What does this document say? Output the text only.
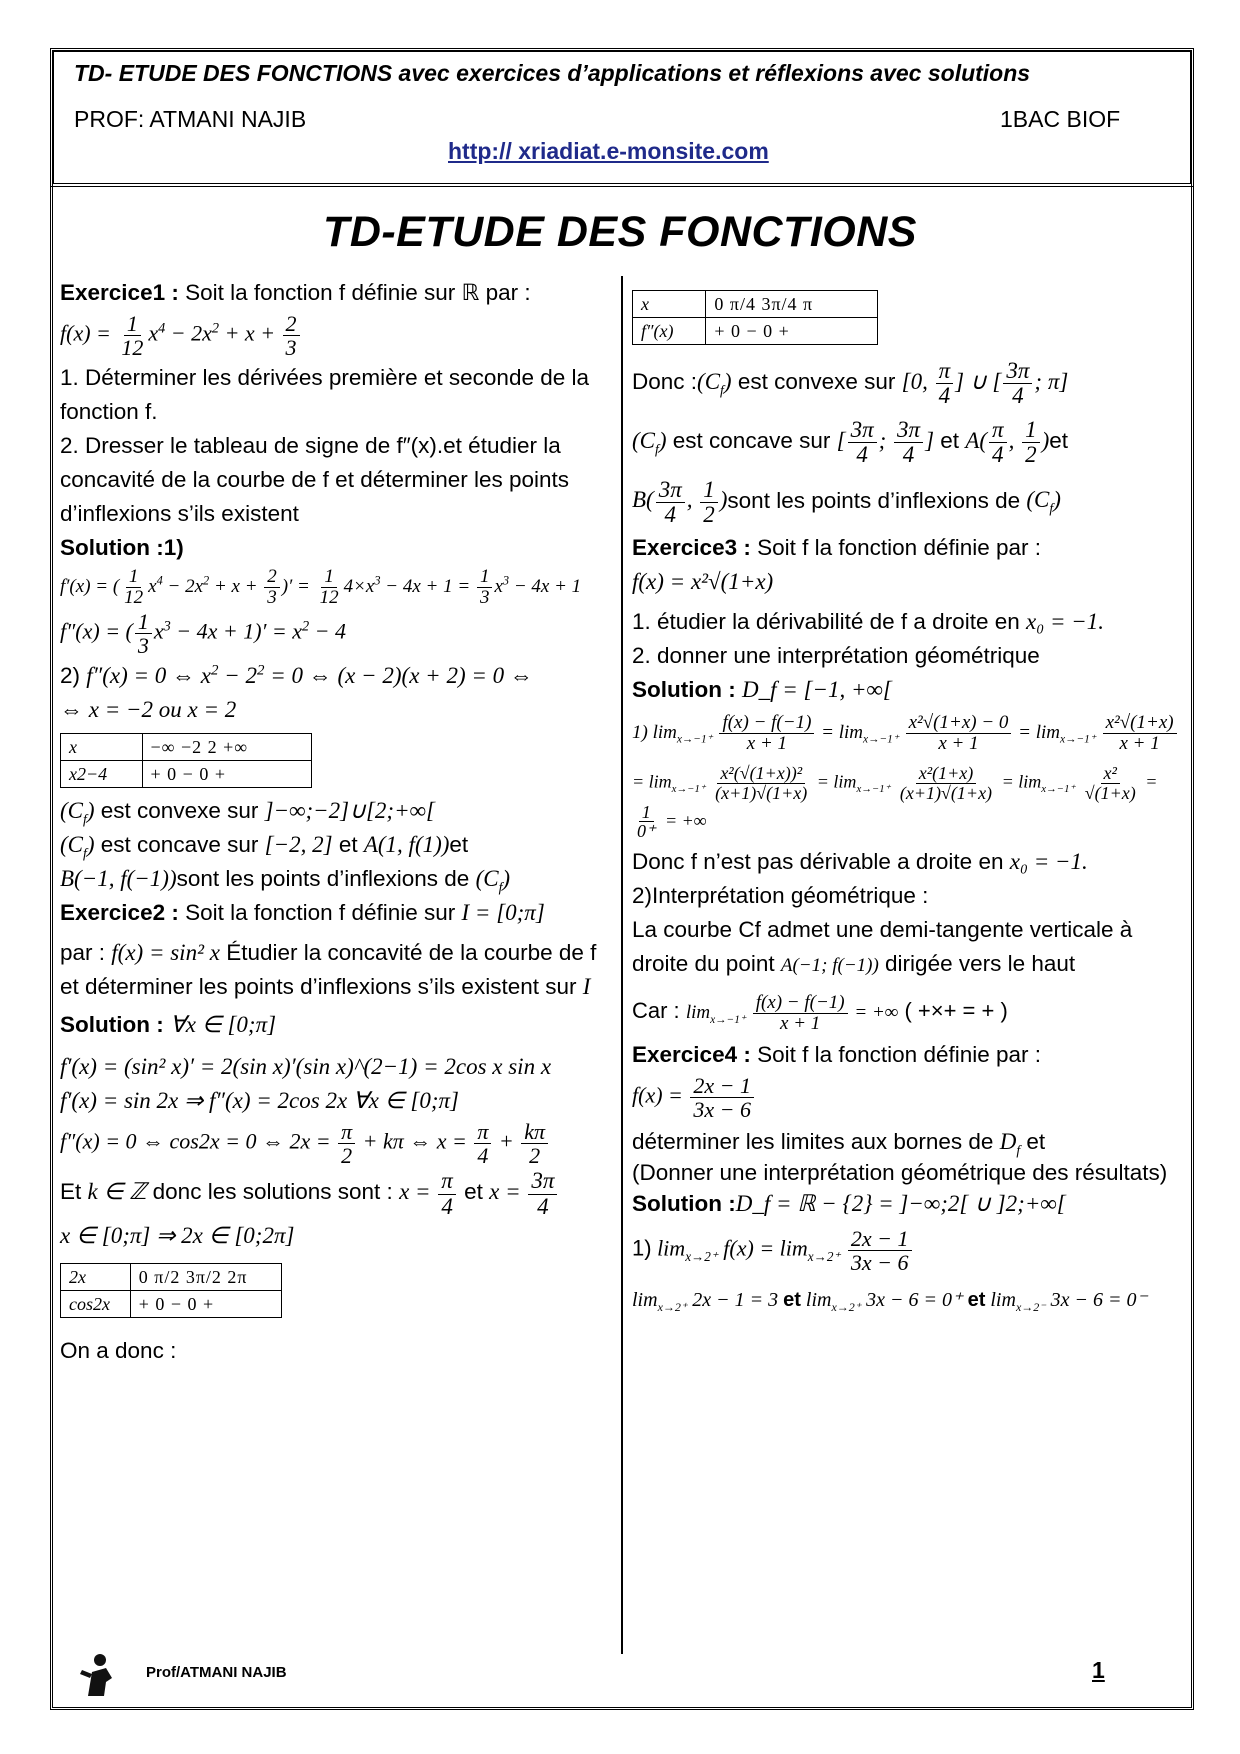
TD- ETUDE DES FONCTIONS avec exercices d’applications et réflexions avec solutions
PROF: ATMANI NAJIB	1BAC BIOF
http:// xriadiat.e-monsite.com
TD-ETUDE DES FONCTIONS

Exercice1 : Soit la fonction f définie sur ℝ par :

$f(x) = \frac{1}{12} x^4 - 2x^2 + x + \frac{2}{3}$

1. Déterminer les dérivées première et seconde de la fonction f.

2. Dresser le tableau de signe de f″(x).et étudier la concavité de la courbe de f et déterminer les points d’inflexions s’ils existent

Solution :1)

f′(x) = ( $\frac{1}{12} x^4 - 2x^2 + x + \frac{2}{3}$ )′ = $\frac{1}{12} 4\times x^3 - 4x + 1 = \frac{1}{3} x^3 - 4x + 1$
f″(x) = ( $\frac{1}{3} x^3 - 4x + 1)' = x^2 - 4$

2) f″(x) = 0 ⇔ $x^2 - 2^2 = 0$ ⇔ (x − 2)(x + 2) = 0 ⇔

⇔ x = −2 ou x = 2

x	−∞ −2 2 +∞
x2−4	+ 0 − 0 +

$(C_f)$ est convexe sur ]−∞;−2]∪[2;+∞[

$(C_f)$ est concave sur [−2, 2] et A(1, f(1))et

B(−1, f(−1))sont les points d’inflexions de $(C_f)$

Exercice2 : Soit la fonction f définie sur I = [0;π]

par : f(x) = sin² x Étudier la concavité de la courbe de f et déterminer les points d’inflexions s’ils existent sur I

Solution : ∀x ∈ [0;π]

f′(x) = (sin² x)′ = 2(sin x)′(sin x)^(2−1) = 2cos x sin x

f′(x) = sin 2x ⇒ f″(x) = 2cos 2x ∀x ∈ [0;π]

f″(x) = 0 ⇔ cos2x = 0 ⇔ $2x = \frac{\pi}{2} + k\pi$ ⇔ $x = \frac{\pi}{4} + \frac{k\pi}{2}$

Et k ∈ ℤ donc les solutions sont : $x = \frac{\pi}{4}$ et $x = \frac{3\pi}{4}$

x ∈ [0;π] ⇒ 2x ∈ [0;2π]

2x	0 π/2 3π/2 2π
cos2x	+ 0 − 0 +

On a donc :

x	0 π/4 3π/4 π
f″(x)	+ 0 − 0 +

Donc $:(C_f)$ est convexe sur [0, $\frac{\pi}{4}$ ] ∪ [ $\frac{3\pi}{4}$ ; π]

$(C_f)$ est concave sur [ $\frac{3\pi}{4}$ ; $\frac{3\pi}{4}$ ] et $A( \frac{\pi}{4}$ , $\frac{1}{2} )et$

$B( \frac{3\pi}{4}$ , $\frac{1}{2}$ )sont les points d’inflexions de $(C_f)$

Exercice3 : Soit f la fonction définie par :

f(x) = x²√(1+x)

1. étudier la dérivabilité de f a droite en x₀ = −1.

2. donner une interprétation géométrique

Solution : D_f = [−1, +∞[

1) $\lim_{x\to-1^+} \frac{f(x) - f(-1)}{x + 1} = \lim_{x\to-1^+} \frac{\text{x²√(1+x) − 0}}{x + 1} = \lim_{x\to-1^+} \frac{\text{x²√(1+x)}}{x + 1}$
= $\lim_{x\to-1^+} \frac{\text{x²(√(1+x))²}}{(x+1)√(1+x)} = \lim_{x\to-1^+} \frac{\text{x²(1+x)}}{(x+1)√(1+x)} = \lim_{x\to-1^+} \frac{\text{x²}}{√(1+x)}$ =
$\frac{1}{0^+}$ = +∞

Donc f n’est pas dérivable a droite en x₀ = −1.

2)Interprétation géométrique :

La courbe Cf admet une demi-tangente verticale à droite du point A(−1; f(−1)) dirigée vers le haut

Car : $\lim_{x\to-1^+} \frac{f(x) - f(-1)}{x + 1}$ = +∞ ( +×+ = + )

Exercice4 : Soit f la fonction définie par :

$f(x) = \frac{2x - 1}{3x - 6}$

déterminer les limites aux bornes de $D_f$ et

(Donner une interprétation géométrique des résultats)

Solution :D_f = ℝ − {2} = ]−∞;2[ ∪ ]2;+∞[

1) $\lim_{x\to 2^+} f(x) = \lim_{x\to 2^+} \frac{2x - 1}{3x - 6}$
$\lim_{x\to 2^+} 2x - 1 = 3$ et $\lim_{x\to 2^+} 3x - 6 = 0^+$ et $\lim_{x\to 2^-} 3x - 6 = 0^-$
Prof/ATMANI NAJIB	1
